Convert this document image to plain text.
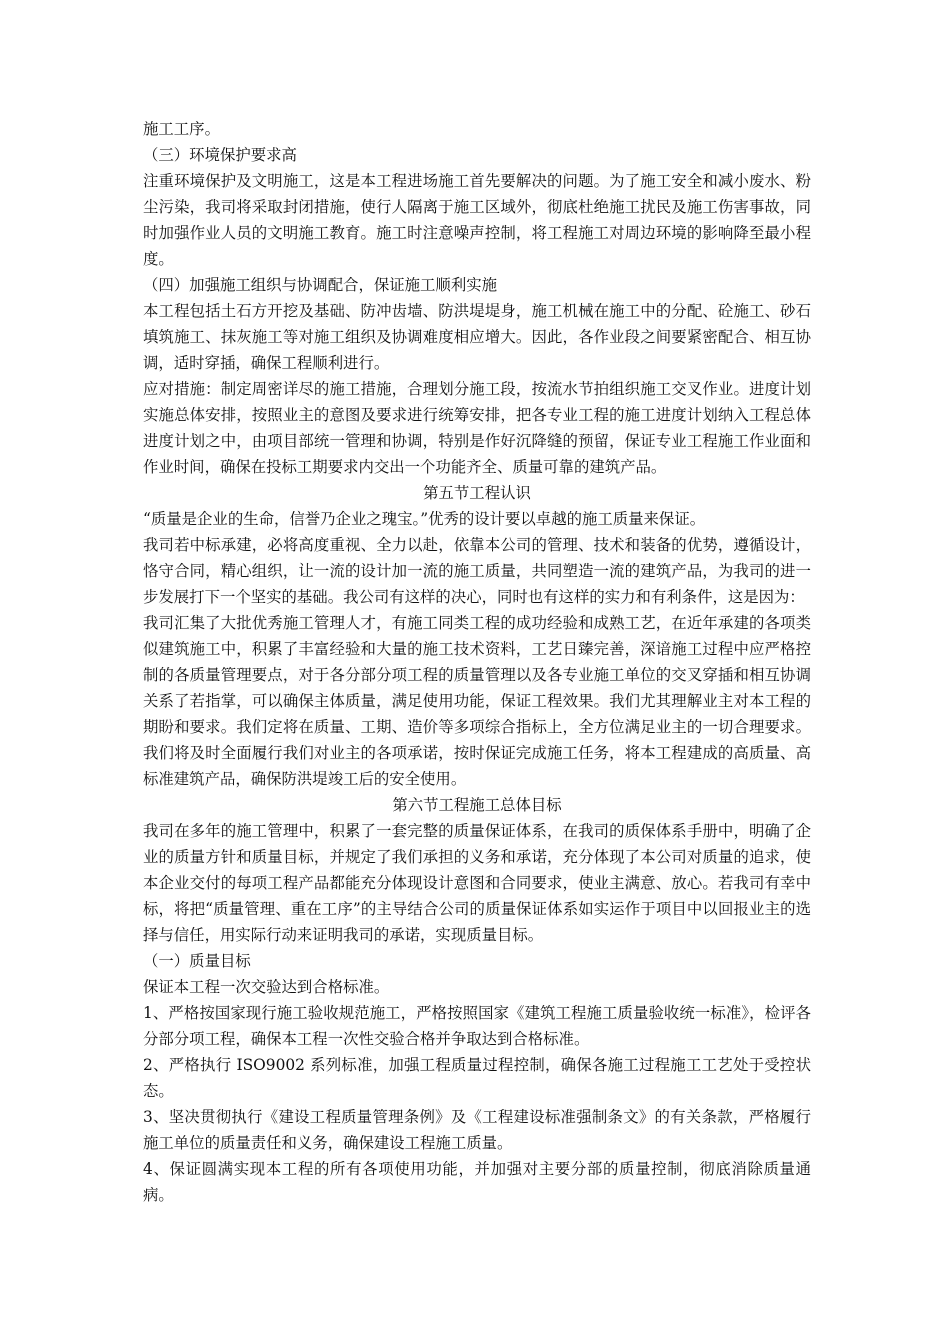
施工工序。

（三）环境保护要求高

注重环境保护及文明施工，这是本工程进场施工首先要解决的问题。为了施工安全和减小废水、粉尘污染，我司将采取封闭措施，使行人隔离于施工区域外，彻底杜绝施工扰民及施工伤害事故，同时加强作业人员的文明施工教育。施工时注意噪声控制，将工程施工对周边环境的影响降至最小程度。

（四）加强施工组织与协调配合，保证施工顺利实施

本工程包括土石方开挖及基础、防冲齿墙、防洪堤堤身，施工机械在施工中的分配、砼施工、砂石填筑施工、抹灰施工等对施工组织及协调难度相应增大。因此，各作业段之间要紧密配合、相互协调，适时穿插，确保工程顺利进行。

应对措施：制定周密详尽的施工措施，合理划分施工段，按流水节拍组织施工交叉作业。进度计划实施总体安排，按照业主的意图及要求进行统筹安排，把各专业工程的施工进度计划纳入工程总体进度计划之中，由项目部统一管理和协调，特别是作好沉降缝的预留，保证专业工程施工作业面和作业时间，确保在投标工期要求内交出一个功能齐全、质量可靠的建筑产品。

第五节工程认识

“质量是企业的生命，信誉乃企业之瑰宝。”优秀的设计要以卓越的施工质量来保证。

我司若中标承建，必将高度重视、全力以赴，依靠本公司的管理、技术和装备的优势，遵循设计，恪守合同，精心组织，让一流的设计加一流的施工质量，共同塑造一流的建筑产品，为我司的进一步发展打下一个坚实的基础。我公司有这样的决心，同时也有这样的实力和有利条件，这是因为：

我司汇集了大批优秀施工管理人才，有施工同类工程的成功经验和成熟工艺，在近年承建的各项类似建筑施工中，积累了丰富经验和大量的施工技术资料，工艺日臻完善，深谙施工过程中应严格控制的各质量管理要点，对于各分部分项工程的质量管理以及各专业施工单位的交叉穿插和相互协调关系了若指掌，可以确保主体质量，满足使用功能，保证工程效果。我们尤其理解业主对本工程的期盼和要求。我们定将在质量、工期、造价等多项综合指标上，全方位满足业主的一切合理要求。我们将及时全面履行我们对业主的各项承诺，按时保证完成施工任务，将本工程建成的高质量、高标准建筑产品，确保防洪堤竣工后的安全使用。

第六节工程施工总体目标

我司在多年的施工管理中，积累了一套完整的质量保证体系，在我司的质保体系手册中，明确了企业的质量方针和质量目标，并规定了我们承担的义务和承诺，充分体现了本公司对质量的追求，使本企业交付的每项工程产品都能充分体现设计意图和合同要求，使业主满意、放心。若我司有幸中标，将把“质量管理、重在工序”的主导结合公司的质量保证体系如实运作于项目中以回报业主的选择与信任，用实际行动来证明我司的承诺，实现质量目标。

（一）质量目标

保证本工程一次交验达到合格标准。

1、严格按国家现行施工验收规范施工，严格按照国家《建筑工程施工质量验收统一标准》，检评各分部分项工程，确保本工程一次性交验合格并争取达到合格标准。

2、严格执行 ISO9002 系列标准，加强工程质量过程控制，确保各施工过程施工工艺处于受控状态。

3、坚决贯彻执行《建设工程质量管理条例》及《工程建设标准强制条文》的有关条款，严格履行施工单位的质量责任和义务，确保建设工程施工质量。

4、保证圆满实现本工程的所有各项使用功能，并加强对主要分部的质量控制，彻底消除质量通病。
